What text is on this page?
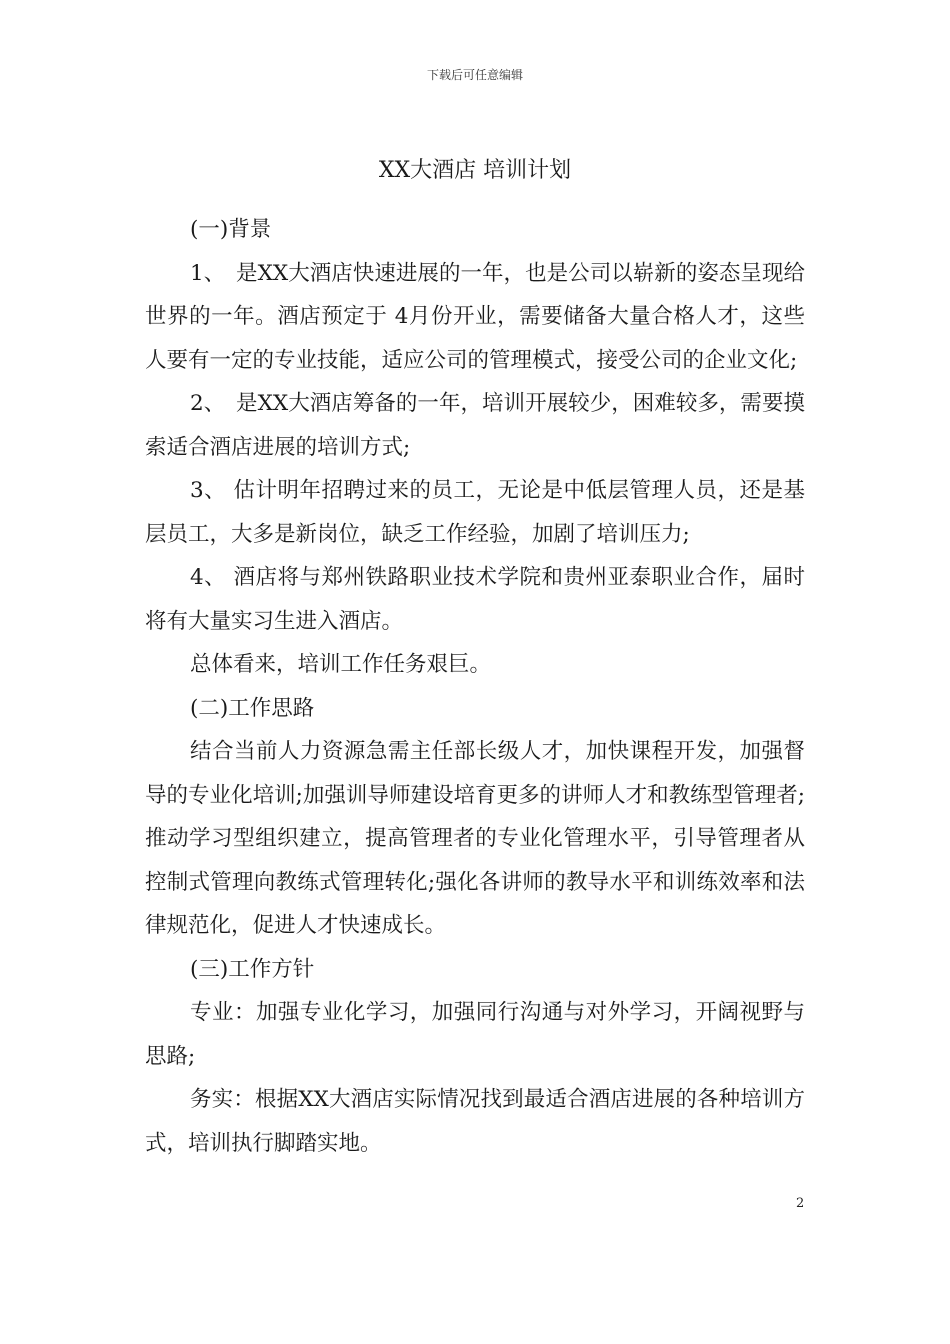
下载后可任意编辑
XX大酒店 培训计划

(一)背景

1、　是XX大酒店快速进展的一年，也是公司以崭新的姿态呈现给世界的一年。酒店预定于 4月份开业，需要储备大量合格人才，这些人要有一定的专业技能，适应公司的管理模式，接受公司的企业文化;

2、　是XX大酒店筹备的一年，培训开展较少，困难较多，需要摸索适合酒店进展的培训方式;

3、 估计明年招聘过来的员工，无论是中低层管理人员，还是基层员工，大多是新岗位，缺乏工作经验，加剧了培训压力;

4、 酒店将与郑州铁路职业技术学院和贵州亚泰职业合作，届时将有大量实习生进入酒店。

总体看来，培训工作任务艰巨。

(二)工作思路

结合当前人力资源急需主任部长级人才，加快课程开发，加强督导的专业化培训;加强训导师建设培育更多的讲师人才和教练型管理者;推动学习型组织建立，提高管理者的专业化管理水平，引导管理者从控制式管理向教练式管理转化;强化各讲师的教导水平和训练效率和法律规范化，促进人才快速成长。

(三)工作方针

专业：加强专业化学习，加强同行沟通与对外学习，开阔视野与思路;

务实：根据XX大酒店实际情况找到最适合酒店进展的各种培训方式，培训执行脚踏实地。

2
